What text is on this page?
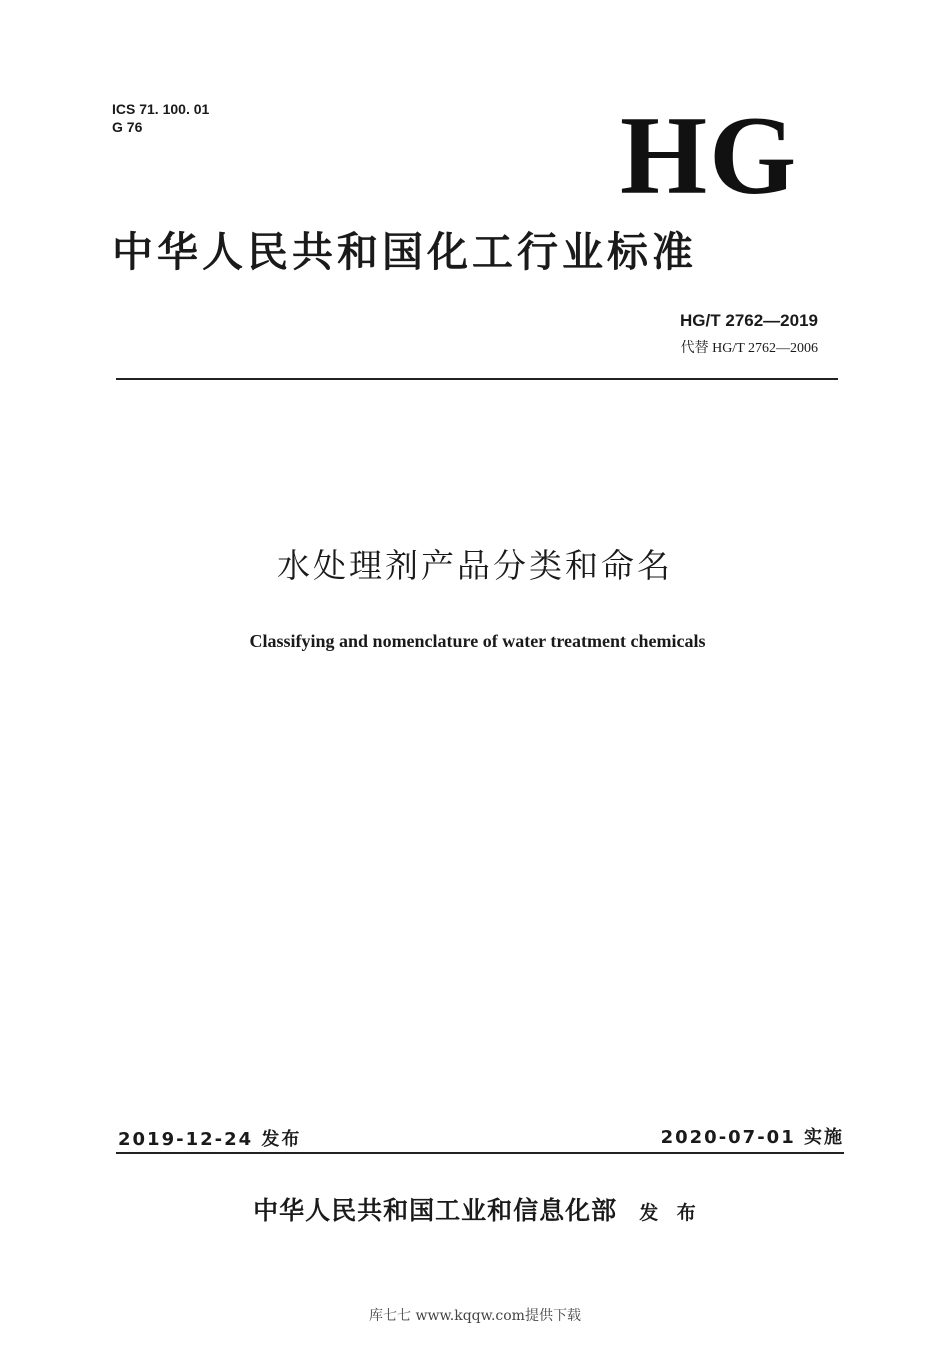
ICS 71. 100. 01
G 76	HG
中华人民共和国化工行业标准
HG/T 2762—2019
代替 HG/T 2762—2006
水处理剂产品分类和命名
Classifying and nomenclature of water treatment chemicals
2019-12-24 发布	2020-07-01 实施
中华人民共和国工业和信息化部 发 布
库七七 www.kqqw.com提供下载
